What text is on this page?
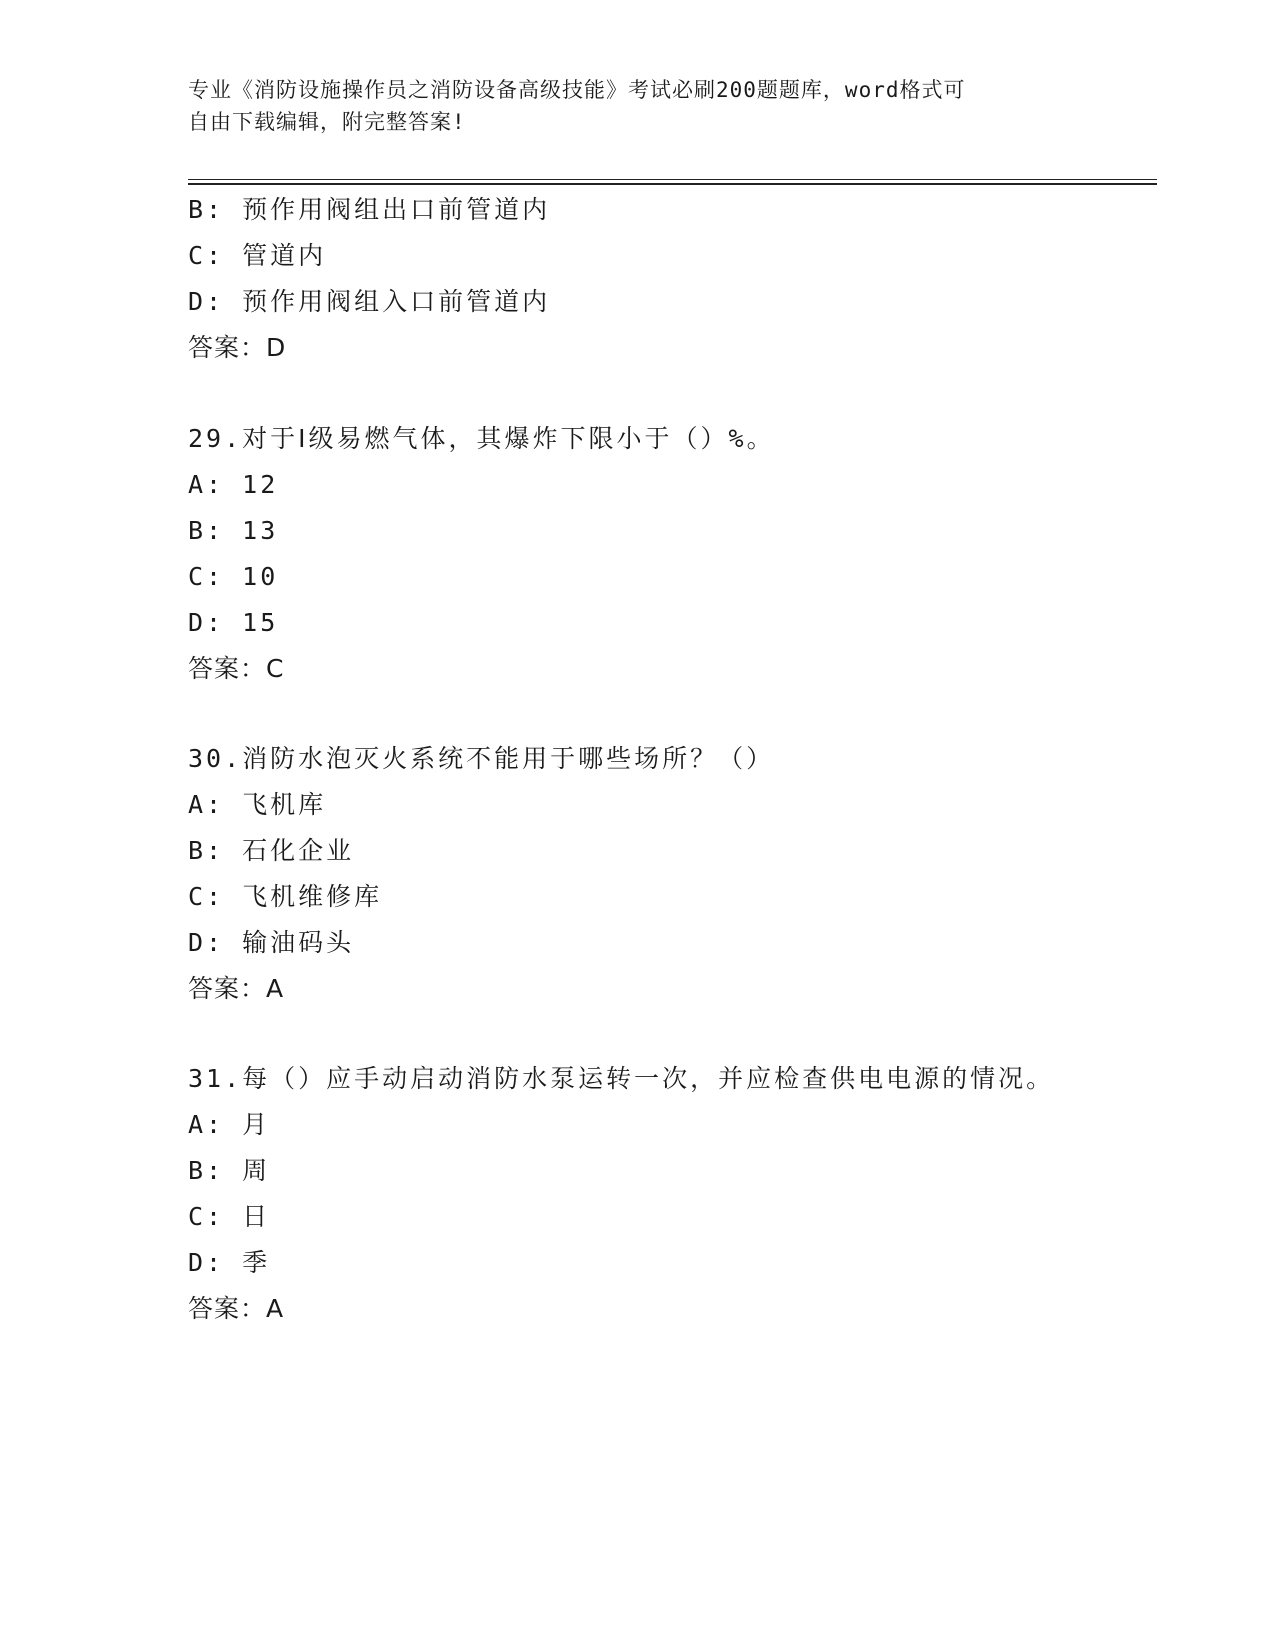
专业《消防设施操作员之消防设备高级技能》考试必刷200题题库，word格式可
自由下载编辑，附完整答案!
B: 预作用阀组出口前管道内
C: 管道内
D: 预作用阀组入口前管道内
答案：D
29.对于Ⅰ级易燃气体，其爆炸下限小于（）%。
A: 12
B: 13
C: 10
D: 15
答案：C
30.消防水泡灭火系统不能用于哪些场所？（）
A: 飞机库
B: 石化企业
C: 飞机维修库
D: 输油码头
答案：A
31.每（）应手动启动消防水泵运转一次，并应检查供电电源的情况。
A: 月
B: 周
C: 日
D: 季
答案：A
